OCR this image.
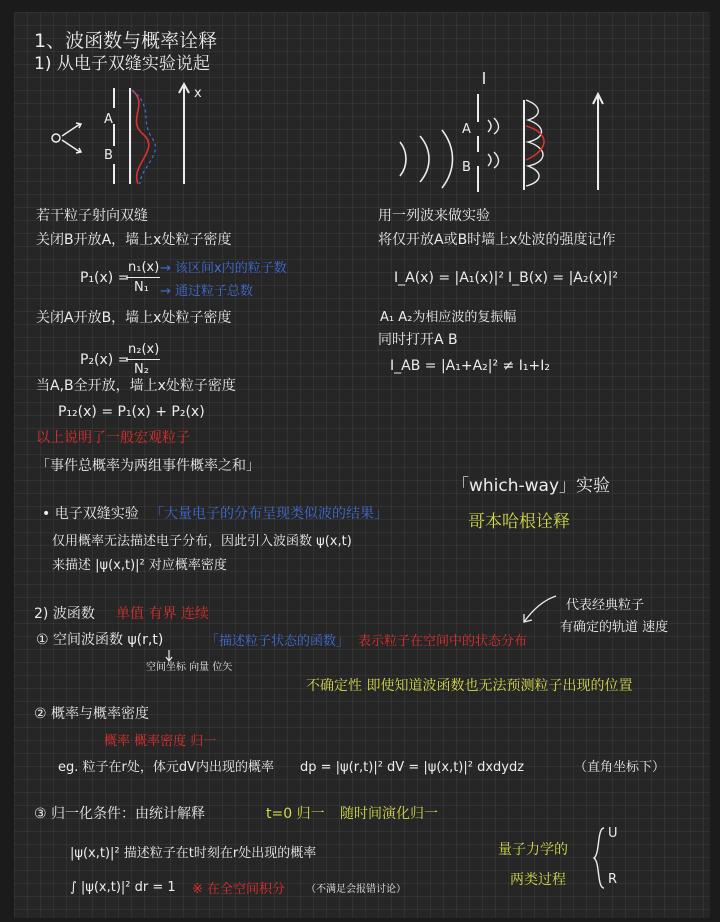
1、波函数与概率诠释
1) 从电子双缝实验说起
A
B
x
A
B
若干粒子射向双缝
关闭B开放A，墙上x处粒子密度
P₁(x) =
n₁(x)
N₁
→ 该区间x内的粒子数
→ 通过粒子总数
关闭A开放B，墙上x处粒子密度
P₂(x) =
n₂(x)
N₂
当A,B全开放，墙上x处粒子密度
P₁₂(x) = P₁(x) + P₂(x)
以上说明了一般宏观粒子
「事件总概率为两组事件概率之和」
用一列波来做实验
将仅开放A或B时墙上x处波的强度记作
I_A(x) = |A₁(x)|² I_B(x) = |A₂(x)|²
A₁ A₂为相应波的复振幅
同时打开A B
I_AB = |A₁+A₂|² ≠ I₁+I₂
「which-way」实验
哥本哈根诠释
• 电子双缝实验 「大量电子的分布呈现类似波的结果」
仅用概率无法描述电子分布，因此引入波函数 ψ(x,t)
来描述 |ψ(x,t)|² 对应概率密度
2) 波函数 单值 有界 连续
① 空间波函数 ψ(r,t)	「描述粒子状态的函数」 表示粒子在空间中的状态分布
空间坐标 向量 位矢
代表经典粒子
有确定的轨道 速度
不确定性 即使知道波函数也无法预测粒子出现的位置
② 概率与概率密度
概率 概率密度 归一
eg. 粒子在r处，体元dV内出现的概率 dp = |ψ(r,t)|² dV = |ψ(x,t)|² dxdydz	（直角坐标下）
③ 归一化条件：由统计解释	t=0 归一 随时间演化归一
|ψ(x,t)|² 描述粒子在t时刻在r处出现的概率
∫ |ψ(x,t)|² dr = 1 ※ 在全空间积分 （不满足会报错讨论）
量子力学的
两类过程
U
R
